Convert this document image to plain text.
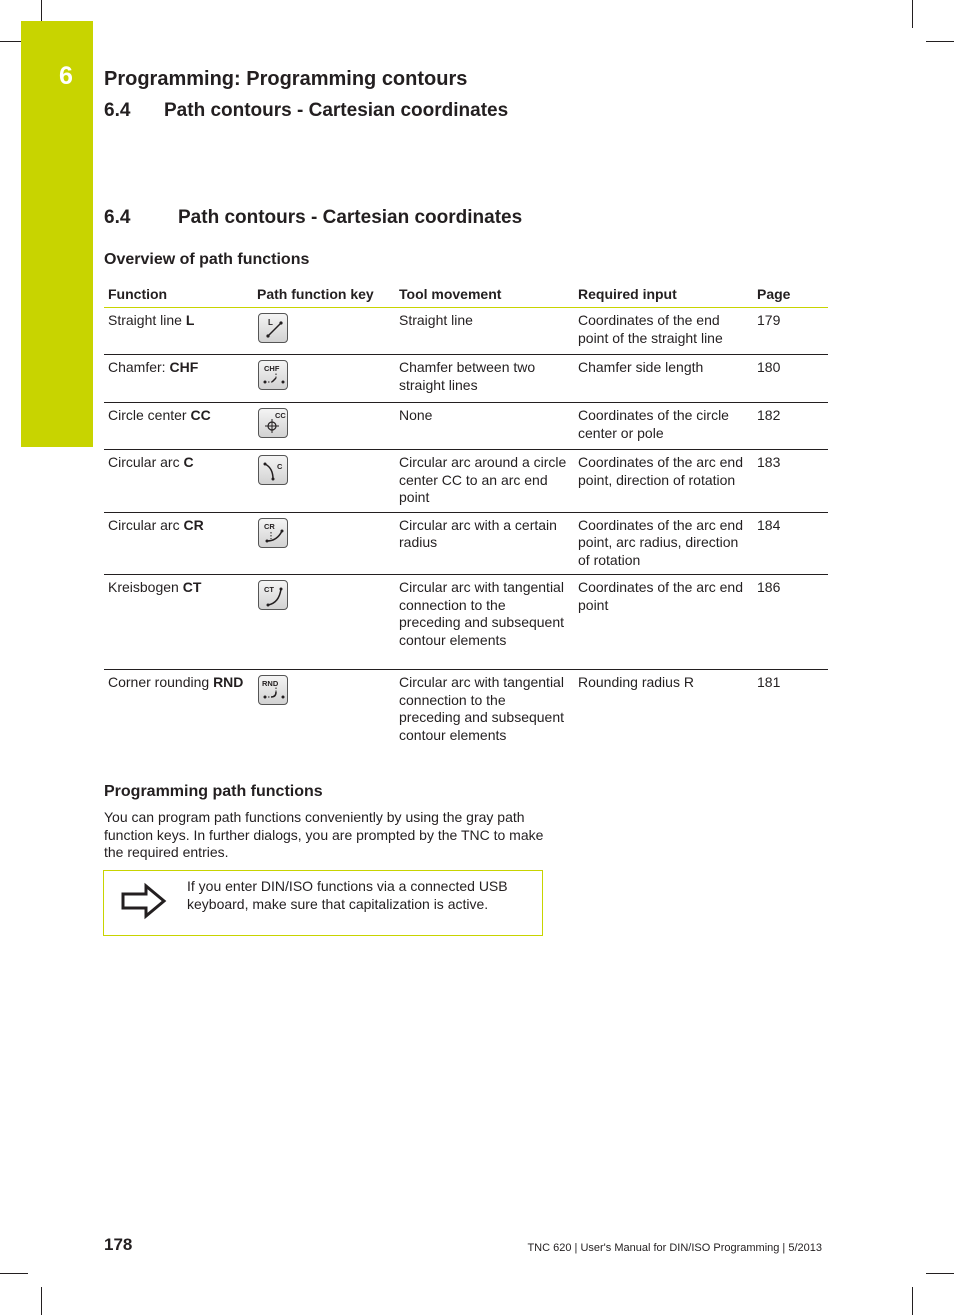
6 Programming: Programming contours
6.4 Path contours - Cartesian coordinates
6.4	Path contours - Cartesian coordinates
Overview of path functions
Function	Path function key	Tool movement	Required input	Page
Straight line L	L	Straight line	Coordinates of the end point of the straight line	179
Chamfer: CHF	CHF	Chamfer between two straight lines	Chamfer side length	180
Circle center CC	CC	None	Coordinates of the circle center or pole	182
Circular arc C	C	Circular arc around a circle center CC to an arc end point	Coordinates of the arc end point, direction of rotation	183
Circular arc CR	CR	Circular arc with a certain radius	Coordinates of the arc end point, arc radius, direction of rotation	184
Kreisbogen CT	CT	Circular arc with tangential connection to the preceding and subsequent contour elements	Coordinates of the arc end point	186
Corner rounding RND	RND	Circular arc with tangential connection to the preceding and subsequent contour elements	Rounding radius R	181
Programming path functions
You can program path functions conveniently by using the gray path function keys. In further dialogs, you are prompted by the TNC to make the required entries.
If you enter DIN/ISO functions via a connected USB keyboard, make sure that capitalization is active.
178	TNC 620 | User's Manual for DIN/ISO Programming | 5/2013
